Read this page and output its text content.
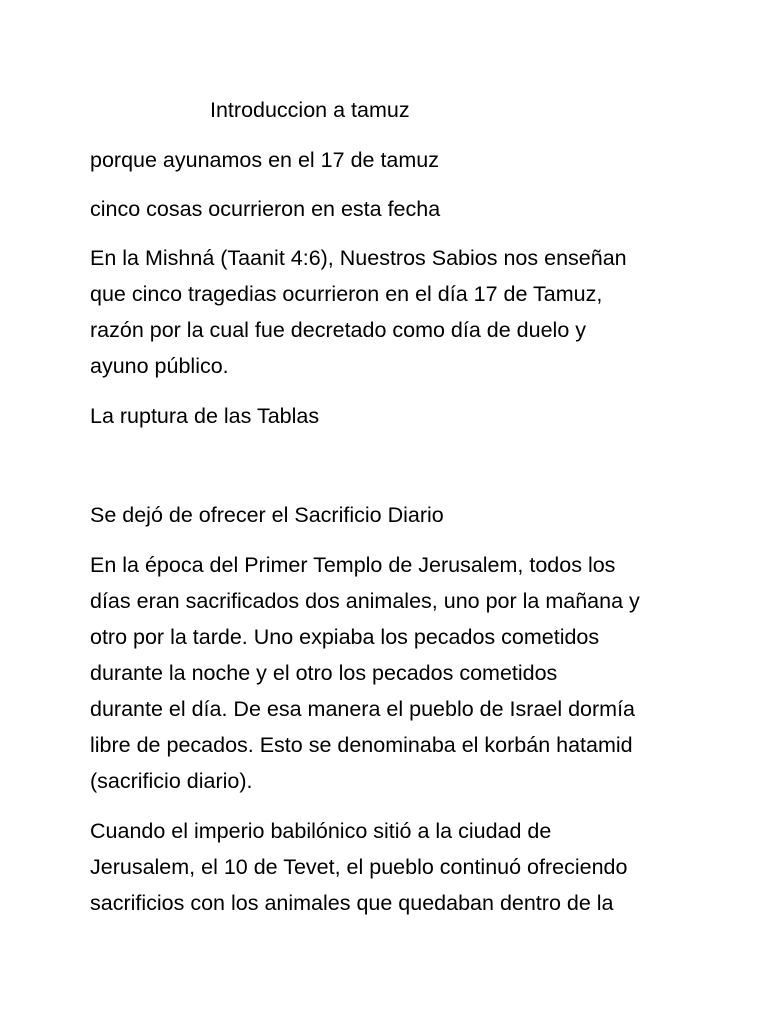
Introduccion a tamuz

porque ayunamos en el 17 de tamuz

cinco cosas ocurrieron en esta fecha

En la Mishná (Taanit 4:6), Nuestros Sabios nos enseñan

que cinco tragedias ocurrieron en el día 17 de Tamuz,

razón por la cual fue decretado como día de duelo y

ayuno público.

La ruptura de las Tablas

Se dejó de ofrecer el Sacrificio Diario

En la época del Primer Templo de Jerusalem, todos los

días eran sacrificados dos animales, uno por la mañana y

otro por la tarde. Uno expiaba los pecados cometidos

durante la noche y el otro los pecados cometidos

durante el día. De esa manera el pueblo de Israel dormía

libre de pecados. Esto se denominaba el korbán hatamid

(sacrificio diario).

Cuando el imperio babilónico sitió a la ciudad de

Jerusalem, el 10 de Tevet, el pueblo continuó ofreciendo

sacrificios con los animales que quedaban dentro de la
